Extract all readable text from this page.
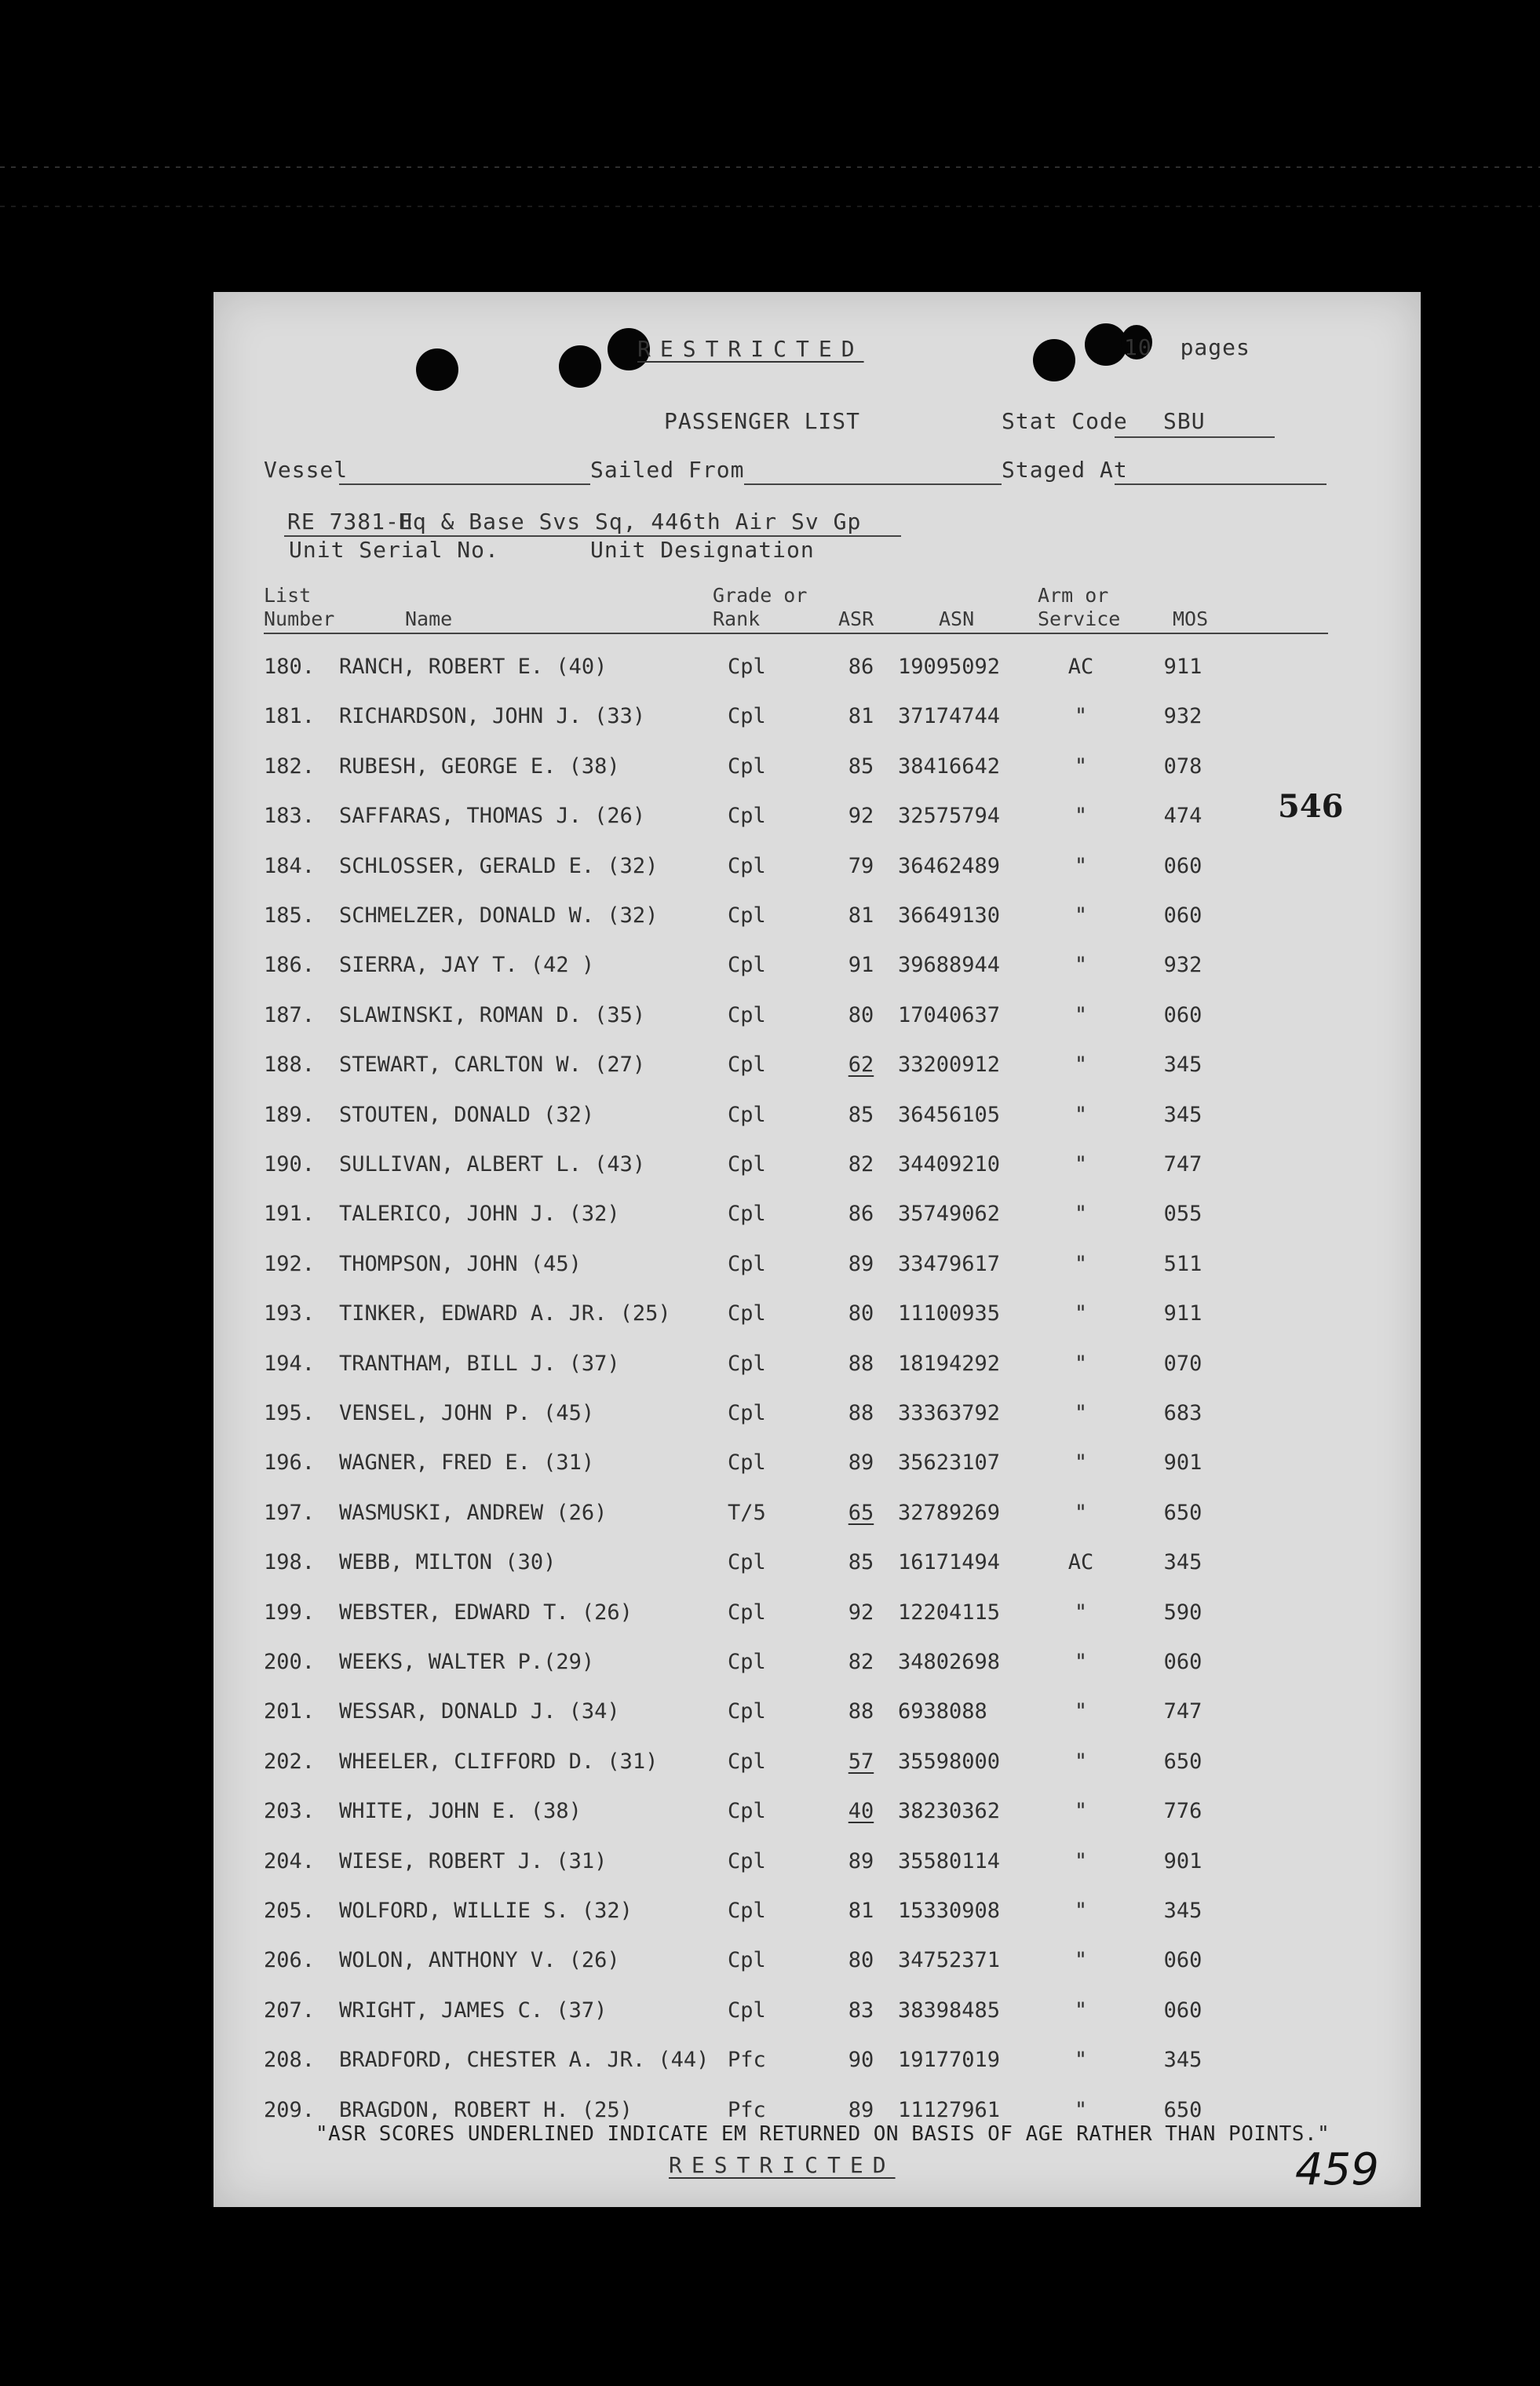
RESTRICTED	10 pages
PASSENGER LIST	Stat Code SBU
Vessel	Sailed From	Staged At
RE 7381-E
Hq & Base Svs Sq, 446th Air Sv Gp
Unit Serial No.	Unit Designation
List
Number	Name
Grade or
Rank	ASR	ASN
Arm or
Service	MOS
180. RANCH, ROBERT E. (40)	Cpl	86	19095092	AC	911
181. RICHARDSON, JOHN J. (33)	Cpl	81	37174744	"	932
182. RUBESH, GEORGE E. (38)	Cpl	85	38416642	"	078
183. SAFFARAS, THOMAS J. (26)	Cpl	92	32575794	"	474
184. SCHLOSSER, GERALD E. (32)	Cpl	79	36462489	"	060
185. SCHMELZER, DONALD W. (32)	Cpl	81	36649130	"	060
186. SIERRA, JAY T. (42 )	Cpl	91	39688944	"	932
187. SLAWINSKI, ROMAN D. (35)	Cpl	80	17040637	"	060
188. STEWART, CARLTON W. (27)	Cpl	62	33200912	"	345
189. STOUTEN, DONALD (32)	Cpl	85	36456105	"	345
190. SULLIVAN, ALBERT L. (43)	Cpl	82	34409210	"	747
191. TALERICO, JOHN J. (32)	Cpl	86	35749062	"	055
192. THOMPSON, JOHN (45)	Cpl	89	33479617	"	511
193. TINKER, EDWARD A. JR. (25)	Cpl	80	11100935	"	911
194. TRANTHAM, BILL J. (37)	Cpl	88	18194292	"	070
195. VENSEL, JOHN P. (45)	Cpl	88	33363792	"	683
196. WAGNER, FRED E. (31)	Cpl	89	35623107	"	901
197. WASMUSKI, ANDREW (26)	T/5	65	32789269	"	650
198. WEBB, MILTON (30)	Cpl	85	16171494	AC	345
199. WEBSTER, EDWARD T. (26)	Cpl	92	12204115	"	590
200. WEEKS, WALTER P.(29)	Cpl	82	34802698	"	060
201. WESSAR, DONALD J. (34)	Cpl	88	6938088	"	747
202. WHEELER, CLIFFORD D. (31)	Cpl	57	35598000	"	650
203. WHITE, JOHN E. (38)	Cpl	40	38230362	"	776
204. WIESE, ROBERT J. (31)	Cpl	89	35580114	"	901
205. WOLFORD, WILLIE S. (32)	Cpl	81	15330908	"	345
206. WOLON, ANTHONY V. (26)	Cpl	80	34752371	"	060
207. WRIGHT, JAMES C. (37)	Cpl	83	38398485	"	060
208. BRADFORD, CHESTER A. JR. (44) Pfc	90	19177019	"	345
209. BRAGDON, ROBERT H. (25)	Pfc	89	11127961	"	650
546
"ASR SCORES UNDERLINED INDICATE EM RETURNED ON BASIS OF AGE RATHER THAN POINTS."
RESTRICTED	459
